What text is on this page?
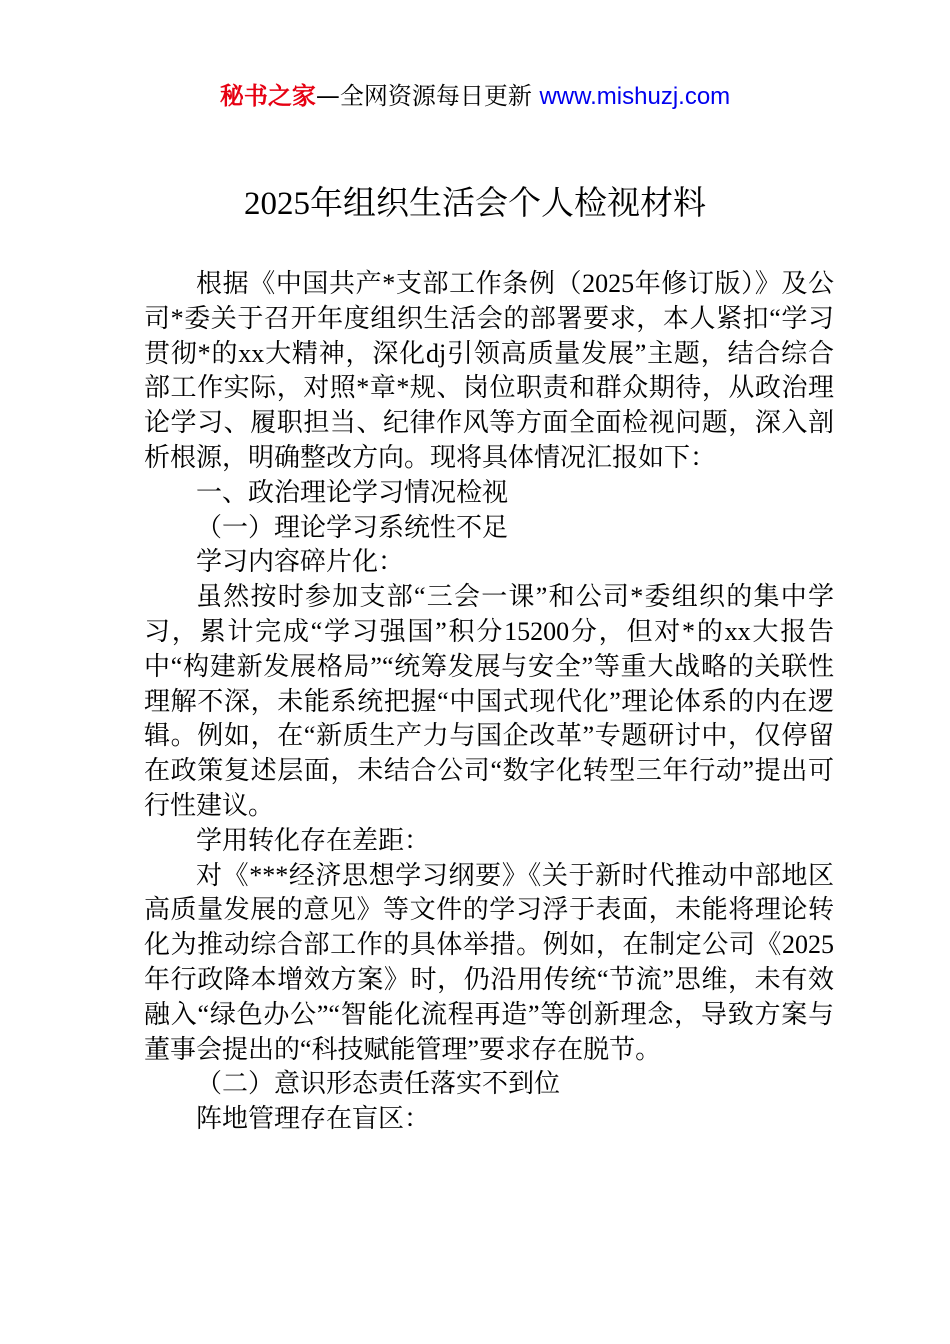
秘书之家—全网资源每日更新 www.mishuzj.com
2025年组织生活会个人检视材料
根据《中国共产*支部工作条例（2025年修订版）》及公司*委关于召开年度组织生活会的部署要求，本人紧扣“学习贯彻*的xx大精神，深化dj引领高质量发展”主题，结合综合部工作实际，对照*章*规、岗位职责和群众期待，从政治理论学习、履职担当、纪律作风等方面全面检视问题，深入剖析根源，明确整改方向。现将具体情况汇报如下：
一、政治理论学习情况检视
（一）理论学习系统性不足
学习内容碎片化：
虽然按时参加支部“三会一课”和公司*委组织的集中学习，累计完成“学习强国”积分15200分，但对*的xx大报告中“构建新发展格局”“统筹发展与安全”等重大战略的关联性理解不深，未能系统把握“中国式现代化”理论体系的内在逻辑。例如，在“新质生产力与国企改革”专题研讨中，仅停留在政策复述层面，未结合公司“数字化转型三年行动”提出可行性建议。
学用转化存在差距：
对《***经济思想学习纲要》《关于新时代推动中部地区高质量发展的意见》等文件的学习浮于表面，未能将理论转化为推动综合部工作的具体举措。例如，在制定公司《2025年行政降本增效方案》时，仍沿用传统“节流”思维，未有效融入“绿色办公”“智能化流程再造”等创新理念，导致方案与董事会提出的“科技赋能管理”要求存在脱节。
（二）意识形态责任落实不到位
阵地管理存在盲区：
